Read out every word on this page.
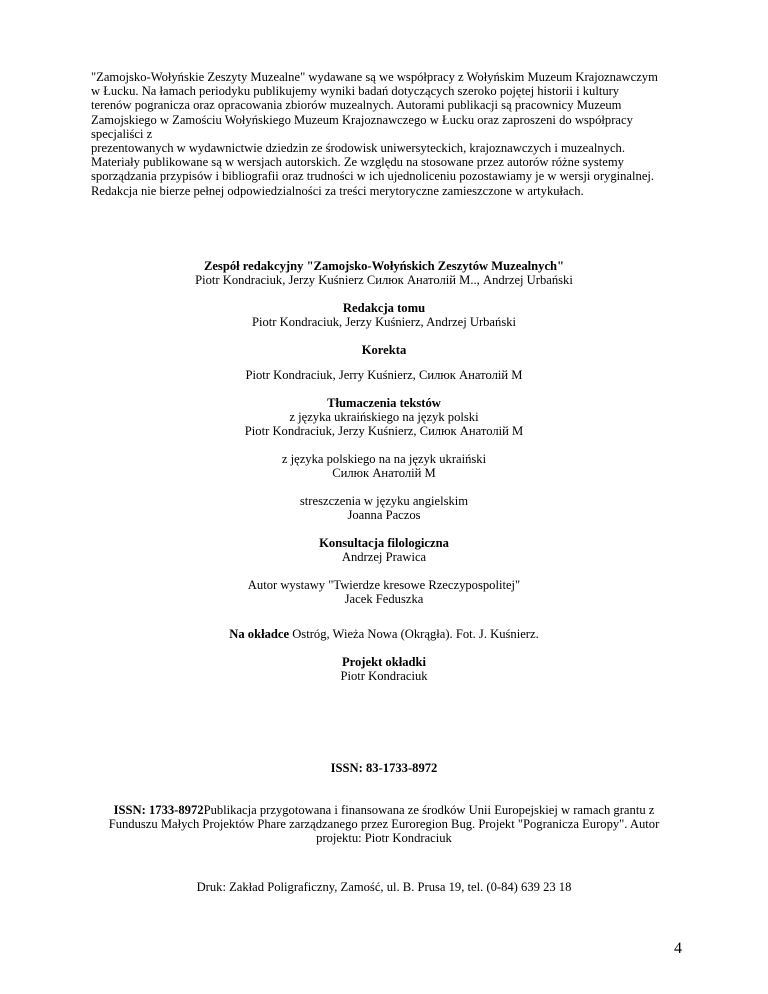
"Zamojsko-Wołyńskie Zeszyty Muzealne" wydawane są we współpracy z Wołyńskim Muzeum Krajoznawczym
w Łucku. Na łamach periodyku publikujemy wyniki badań dotyczących szeroko pojętej historii i kultury
terenów pogranicza oraz opracowania zbiorów muzealnych. Autorami publikacji są pracownicy Muzeum
Zamojskiego w Zamościu Wołyńskiego Muzeum Krajoznawczego w Łucku oraz zaproszeni do współpracy
specjaliści z
prezentowanych w wydawnictwie dziedzin ze środowisk uniwersyteckich, krajoznawczych i muzealnych.
Materiały publikowane są w wersjach autorskich. Ze względu na stosowane przez autorów różne systemy
sporządzania przypisów i bibliografii oraz trudności w ich ujednoliceniu pozostawiamy je w wersji oryginalnej.
Redakcja nie bierze pełnej odpowiedzialności za treści merytoryczne zamieszczone w artykułach.
Zespół redakcyjny "Zamojsko-Wołyńskich Zeszytów Muzealnych"
Piotr Kondraciuk, Jerzy Kuśnierz Силюк Анатолій М.., Andrzej Urbański
Redakcja tomu
Piotr Kondraciuk, Jerzy Kuśnierz, Andrzej Urbański
Korekta
Piotr Kondraciuk, Jerry Kuśnierz, Силюк Анатолій М
Tłumaczenia tekstów
z języka ukraińskiego na język polski
Piotr Kondraciuk, Jerzy Kuśnierz, Силюк Анатолій М
z języka polskiego na na język ukraiński
Силюк Анатолій М
streszczenia w języku angielskim
Joanna Paczos
Konsultacja filologiczna
Andrzej Prawica
Autor wystawy "Twierdze kresowe Rzeczypospolitej"
Jacek Feduszka
Na okładce Ostróg, Wieża Nowa (Okrągła). Fot. J. Kuśnierz.
Projekt okładki
Piotr Kondraciuk
ISSN: 83-1733-8972
ISSN: 1733-8972Publikacja przygotowana i finansowana ze środków Unii Europejskiej w ramach grantu z
Funduszu Małych Projektów Phare zarządzanego przez Euroregion Bug. Projekt "Pogranicza Europy". Autor
projektu: Piotr Kondraciuk
Druk: Zakład Poligraficzny, Zamość, ul. B. Prusa 19, tel. (0-84) 639 23 18
4
